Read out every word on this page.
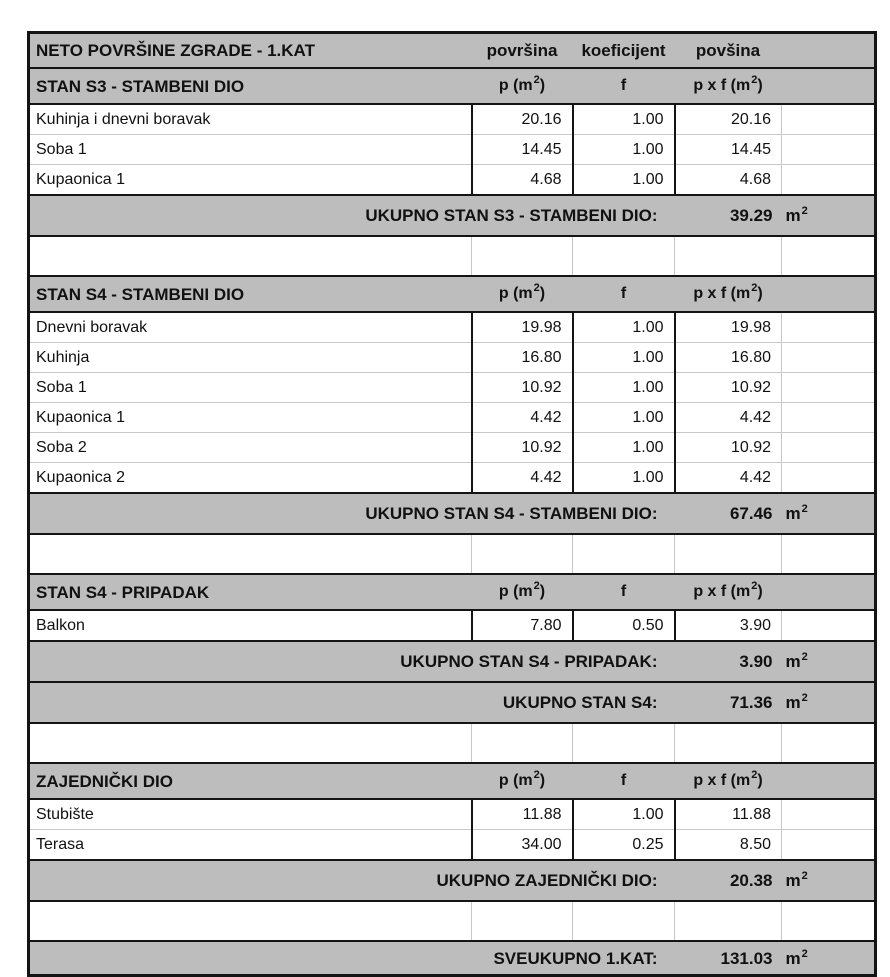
NETO POVRŠINE ZGRADE - 1.KAT	površina	koeficijent	povšina	
STAN S3 - STAMBENI DIO	p $(m^2)$	f	p x f $(m^2)$	
Kuhinja i dnevni boravak	20.16	1.00	20.16	
Soba 1	14.45	1.00	14.45	
Kupaonica 1	4.68	1.00	4.68	
UKUPNO STAN S3 - STAMBENI DIO:			39.29	$m^2$

STAN S4 - STAMBENI DIO	p $(m^2)$	f	p x f $(m^2)$	
Dnevni boravak	19.98	1.00	19.98	
Kuhinja	16.80	1.00	16.80	
Soba 1	10.92	1.00	10.92	
Kupaonica 1	4.42	1.00	4.42	
Soba 2	10.92	1.00	10.92	
Kupaonica 2	4.42	1.00	4.42	
UKUPNO STAN S4 - STAMBENI DIO:			67.46	$m^2$

STAN S4 - PRIPADAK	p $(m^2)$	f	p x f $(m^2)$	
Balkon	7.80	0.50	3.90	
UKUPNO STAN S4 - PRIPADAK:			3.90	$m^2$
UKUPNO STAN S4:			71.36	$m^2$

ZAJEDNIČKI DIO	p $(m^2)$	f	p x f $(m^2)$	
Stubište	11.88	1.00	11.88	
Terasa	34.00	0.25	8.50	
UKUPNO ZAJEDNIČKI DIO:			20.38	$m^2$

SVEUKUPNO 1.KAT:			131.03	$m^2$
